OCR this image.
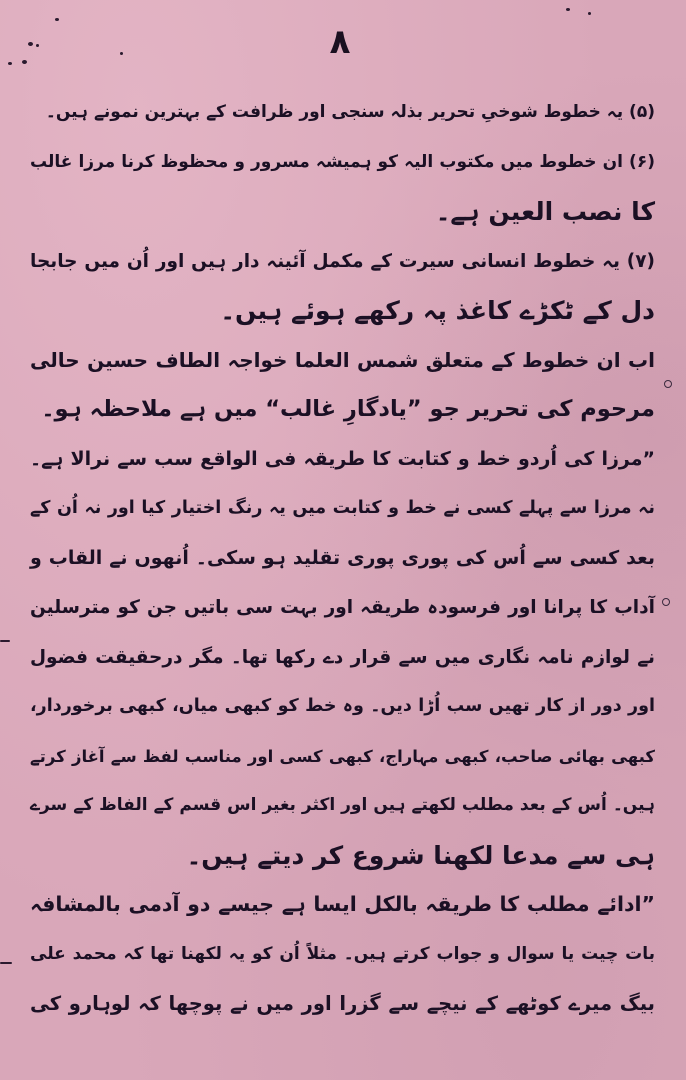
۸
(۵) یہ خطوط شوخیِ تحریر بذلہ سنجی اور ظرافت کے بہترین نمونے ہیں۔
(۶) ان خطوط میں مکتوب الیہ کو ہمیشہ مسرور و محظوظ کرنا مرزا غالب
کا نصب العین ہے۔
(۷) یہ خطوط انسانی سیرت کے مکمل آئینہ دار ہیں اور اُن میں جابجا
دل کے ٹکڑے کاغذ پہ رکھے ہوئے ہیں۔
اب ان خطوط کے متعلق شمس العلما خواجہ الطاف حسین حالی
مرحوم کی تحریر جو ”یادگارِ غالب“ میں ہے ملاحظہ ہو۔
”مرزا کی اُردو خط و کتابت کا طریقہ فی الواقع سب سے نرالا ہے۔
نہ مرزا سے پہلے کسی نے خط و کتابت میں یہ رنگ اختیار کیا اور نہ اُن کے
بعد کسی سے اُس کی پوری پوری تقلید ہو سکی۔ اُنھوں نے القاب و
آداب کا پرانا اور فرسودہ طریقہ اور بہت سی باتیں جن کو مترسلین
نے لوازم نامہ نگاری میں سے قرار دے رکھا تھا۔ مگر درحقیقت فضول
اور دور از کار تھیں سب اُڑا دیں۔ وہ خط کو کبھی میاں، کبھی برخوردار،
کبھی بھائی صاحب، کبھی مہاراج، کبھی کسی اور مناسب لفظ سے آغاز کرتے
ہیں۔ اُس کے بعد مطلب لکھتے ہیں اور اکثر بغیر اس قسم کے الفاظ کے سرے
ہی سے مدعا لکھنا شروع کر دیتے ہیں۔
”ادائے مطلب کا طریقہ بالکل ایسا ہے جیسے دو آدمی بالمشافہ
بات چیت یا سوال و جواب کرتے ہیں۔ مثلاً اُن کو یہ لکھنا تھا کہ محمد علی
بیگ میرے کوٹھے کے نیچے سے گزرا اور میں نے پوچھا کہ لوہارو کی
